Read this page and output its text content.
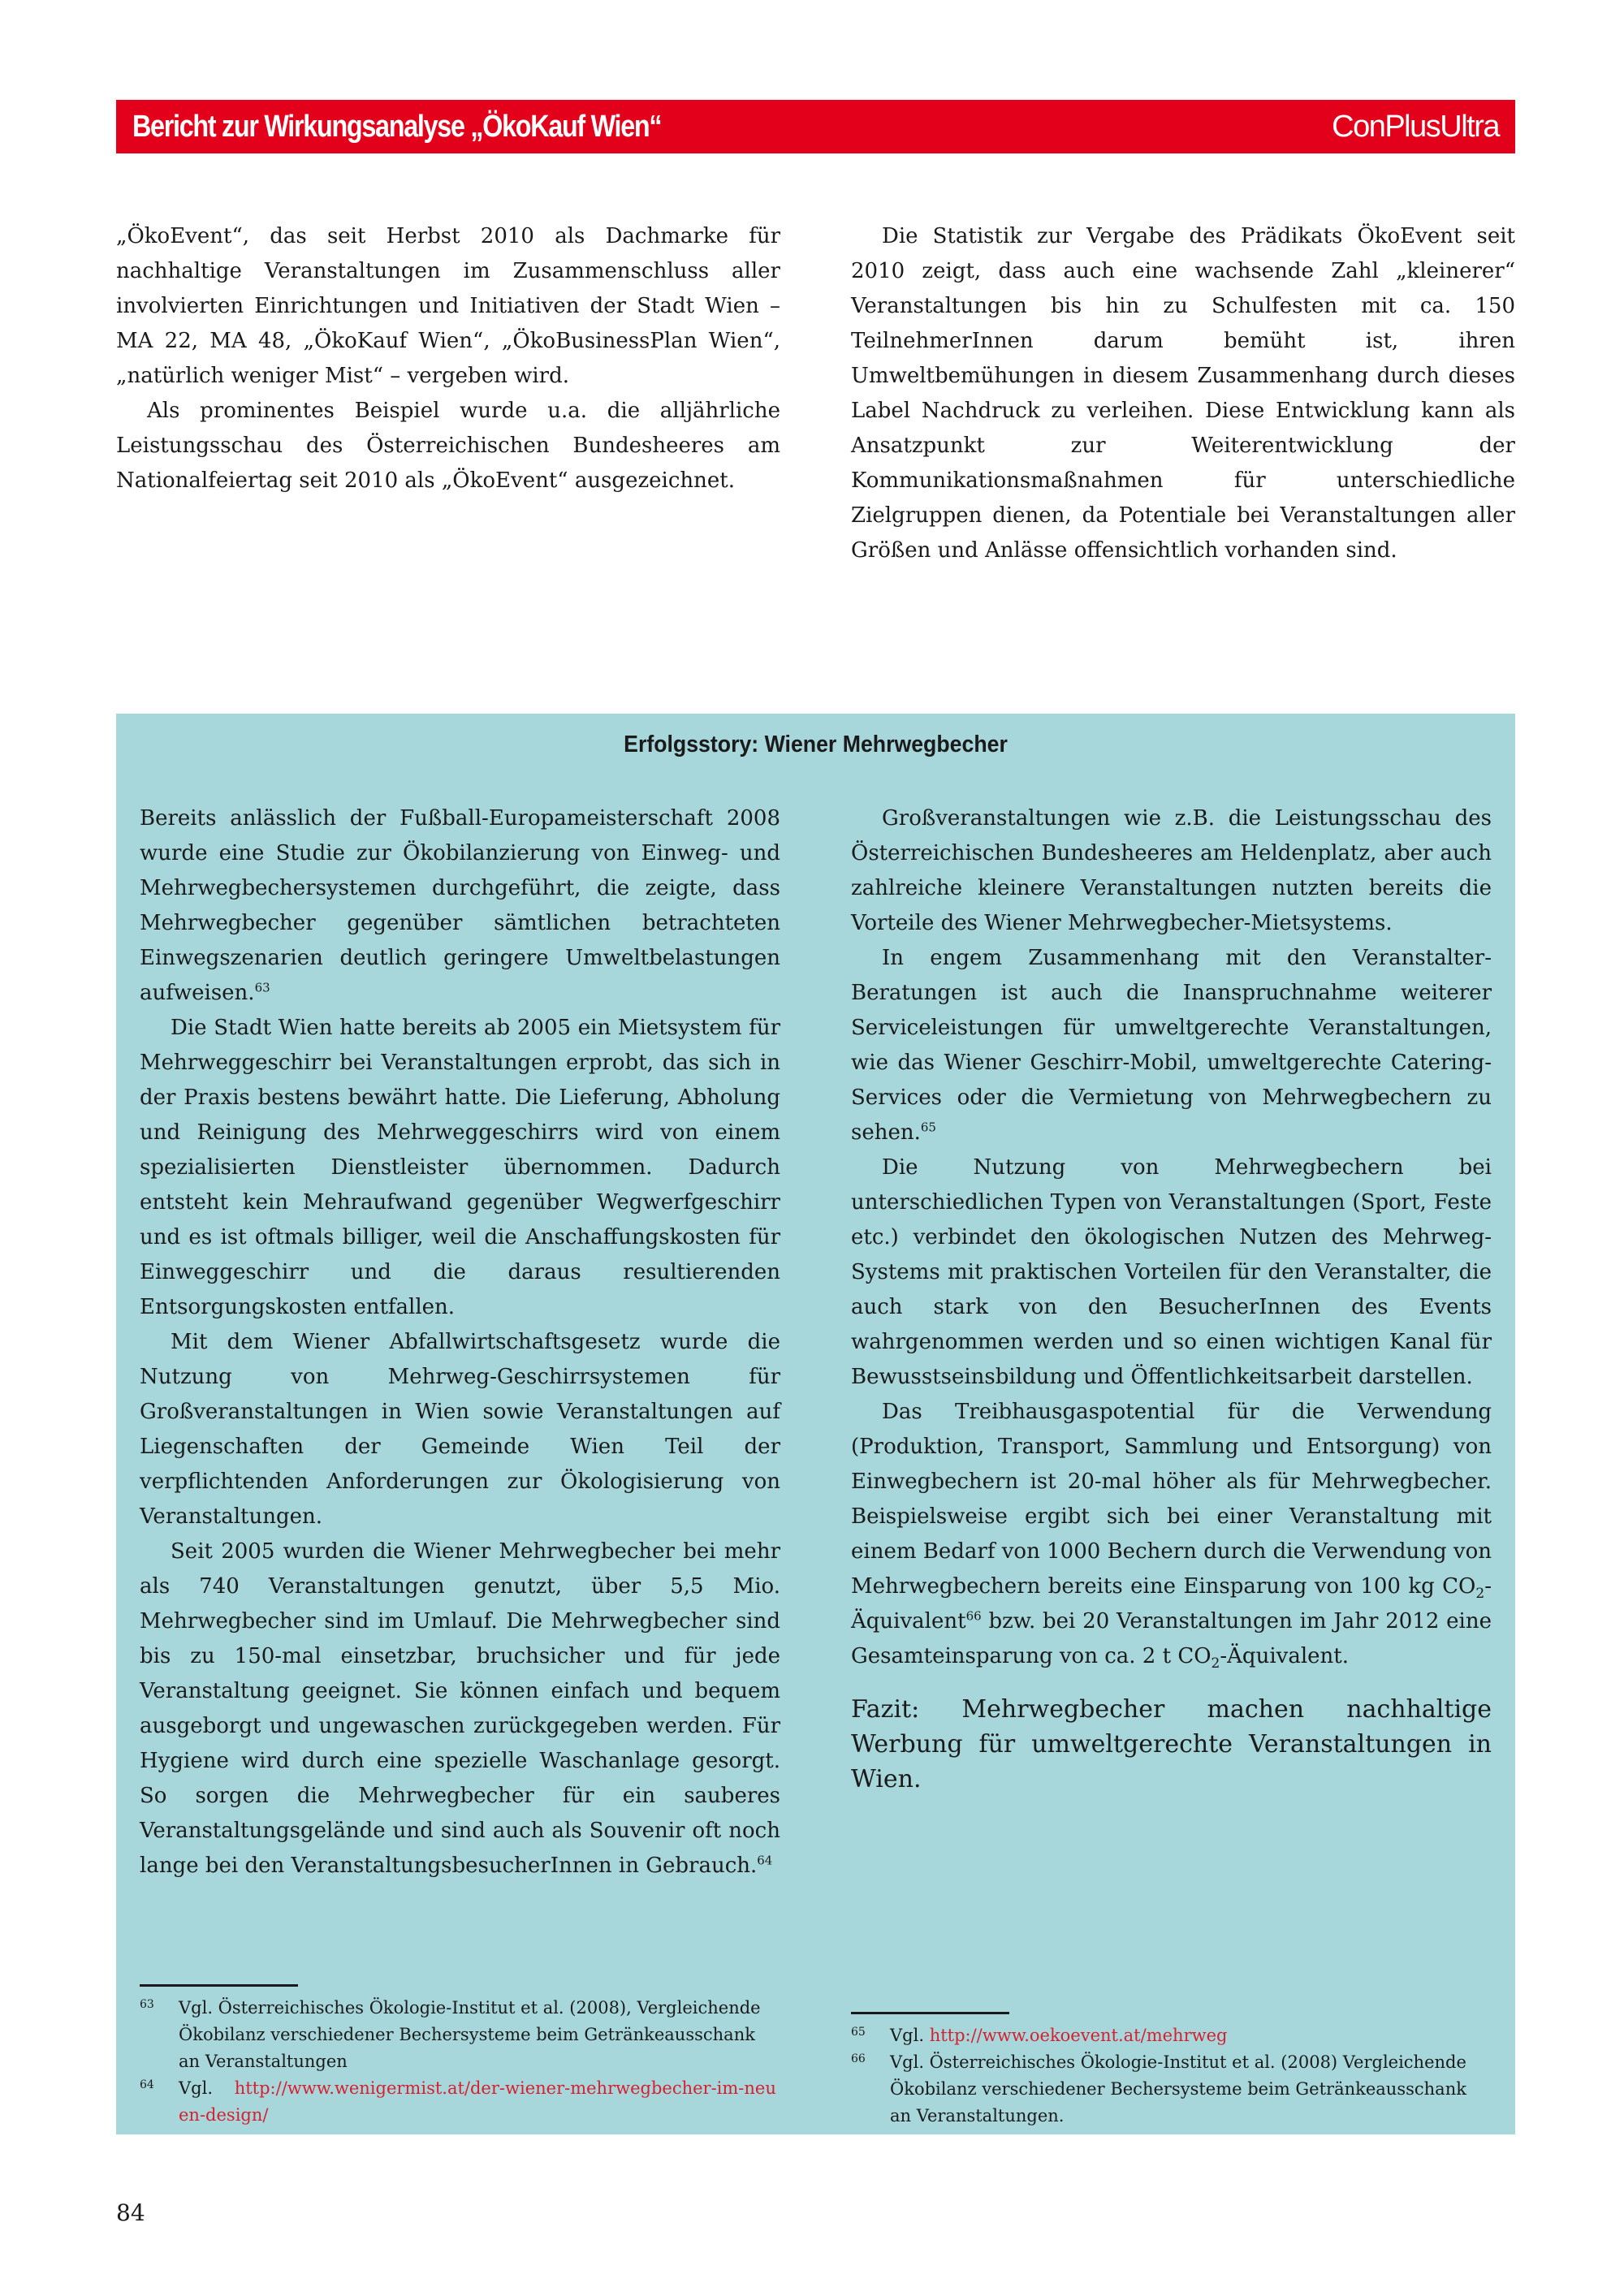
Bericht zur Wirkungsanalyse „ÖkoKauf Wien“	ConPlusUltra

„ÖkoEvent“, das seit Herbst 2010 als Dachmarke für nachhaltige Veranstaltungen im Zusammenschluss aller involvierten Einrichtungen und Initiativen der Stadt Wien – MA 22, MA 48, „ÖkoKauf Wien“, „ÖkoBusinessPlan Wien“, „natürlich weniger Mist“ – vergeben wird.

Als prominentes Beispiel wurde u.a. die alljährliche Leistungsschau des Österreichischen Bundesheeres am Nationalfeiertag seit 2010 als „ÖkoEvent“ ausgezeichnet.

Die Statistik zur Vergabe des Prädikats ÖkoEvent seit 2010 zeigt, dass auch eine wachsende Zahl „kleinerer“ Veranstaltungen bis hin zu Schulfesten mit ca. 150 TeilnehmerInnen darum bemüht ist, ihren Umweltbemühungen in diesem Zusammenhang durch dieses Label Nachdruck zu verleihen. Diese Entwicklung kann als Ansatzpunkt zur Weiterentwicklung der Kommunikationsmaßnahmen für unterschiedliche Zielgruppen dienen, da Potentiale bei Veranstaltungen aller Größen und Anlässe offensichtlich vorhanden sind.

Erfolgsstory: Wiener Mehrwegbecher

Bereits anlässlich der Fußball-Europameisterschaft 2008 wurde eine Studie zur Ökobilanzierung von Einweg- und Mehrwegbechersystemen durchgeführt, die zeigte, dass Mehrwegbecher gegenüber sämtlichen betrachteten Einwegszenarien deutlich geringere Umweltbelastungen aufweisen.$^{63}$

Die Stadt Wien hatte bereits ab 2005 ein Mietsystem für Mehrweggeschirr bei Veranstaltungen erprobt, das sich in der Praxis bestens bewährt hatte. Die Lieferung, Abholung und Reinigung des Mehrweggeschirrs wird von einem spezialisierten Dienstleister übernommen. Dadurch entsteht kein Mehraufwand gegenüber Wegwerfgeschirr und es ist oftmals billiger, weil die Anschaffungskosten für Einweggeschirr und die daraus resultierenden Entsorgungskosten entfallen.

Mit dem Wiener Abfallwirtschaftsgesetz wurde die Nutzung von Mehrweg-Geschirrsystemen für Großveranstaltungen in Wien sowie Veranstaltungen auf Liegenschaften der Gemeinde Wien Teil der verpflichtenden Anforderungen zur Ökologisierung von Veranstaltungen.

Seit 2005 wurden die Wiener Mehrwegbecher bei mehr als 740 Veranstaltungen genutzt, über 5,5 Mio. Mehrwegbecher sind im Umlauf. Die Mehrwegbecher sind bis zu 150-mal einsetzbar, bruchsicher und für jede Veranstaltung geeignet. Sie können einfach und bequem ausgeborgt und ungewaschen zurückgegeben werden. Für Hygiene wird durch eine spezielle Waschanlage gesorgt. So sorgen die Mehrwegbecher für ein sauberes Veranstaltungsgelände und sind auch als Souvenir oft noch lange bei den VeranstaltungsbesucherInnen in Gebrauch.$^{64}$

Großveranstaltungen wie z.B. die Leistungsschau des Österreichischen Bundesheeres am Heldenplatz, aber auch zahlreiche kleinere Veranstaltungen nutzten bereits die Vorteile des Wiener Mehrwegbecher-Mietsystems.

In engem Zusammenhang mit den Veranstalter-Beratungen ist auch die Inanspruchnahme weiterer Serviceleistungen für umweltgerechte Veranstaltungen, wie das Wiener Geschirr-Mobil, umweltgerechte Catering-Services oder die Vermietung von Mehrwegbechern zu sehen.$^{65}$

Die Nutzung von Mehrwegbechern bei unterschiedlichen Typen von Veranstaltungen (Sport, Feste etc.) verbindet den ökologischen Nutzen des Mehrweg-Systems mit praktischen Vorteilen für den Veranstalter, die auch stark von den BesucherInnen des Events wahrgenommen werden und so einen wichtigen Kanal für Bewusstseinsbildung und Öffentlichkeitsarbeit darstellen.

Das Treibhausgaspotential für die Verwendung (Produktion, Transport, Sammlung und Entsorgung) von Einwegbechern ist 20-mal höher als für Mehrwegbecher. Beispielsweise ergibt sich bei einer Veranstaltung mit einem Bedarf von 1000 Bechern durch die Verwendung von Mehrwegbechern bereits eine Einsparung von 100 kg $CO_2-Äquivalent^{66}$ bzw. bei 20 Veranstaltungen im Jahr 2012 eine Gesamteinsparung von ca. 2 t $CO_2$-Äquivalent.

Fazit: Mehrwegbecher machen nachhaltige Werbung für umweltgerechte Veranstaltungen in Wien.

63 Vgl. Österreichisches Ökologie-Institut et al. (2008), Vergleichende Ökobilanz verschiedener Bechersysteme beim Getränkeausschank an Veranstaltungen
64 Vgl. http://www.wenigermist.at/der-wiener-mehrwegbecher-im-neuen-design/
65 Vgl. http://www.oekoevent.at/mehrweg
66 Vgl. Österreichisches Ökologie-Institut et al. (2008) Vergleichende Ökobilanz verschiedener Bechersysteme beim Getränkeausschank an Veranstaltungen.
84
